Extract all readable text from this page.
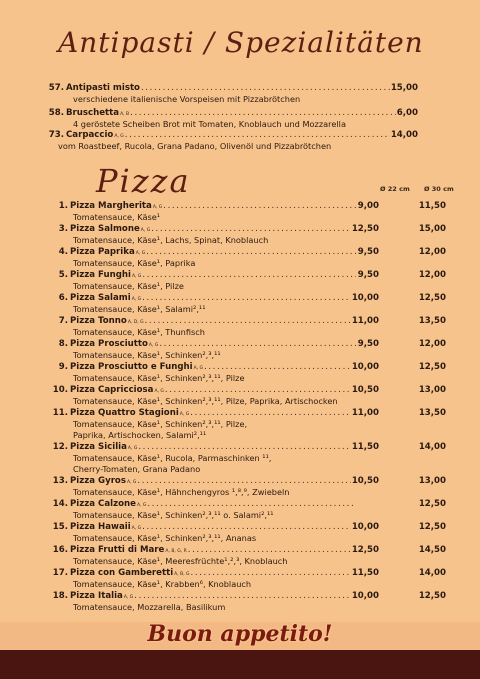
Antipasti / Spezialitäten
57. Antipasti misto .....	15,00
verschiedene italienische Vorspeisen mit Pizzabrötchen
58. Bruschetta A, B .....	6,00
4 geröstete Scheiben Brot mit Tomaten, Knoblauch und Mozzarella
73. Carpaccio A, G .....	14,00
vom Roastbeef, Rucola, Grana Padano, Olivenöl und Pizzabrötchen
Pizza	Ø 22 cm Ø 30 cm
1. Pizza Margherita A, G .....	9,00	11,50
Tomatensauce, Käse¹
3. Pizza Salmone A, G .....	12,50	15,00
Tomatensauce, Käse¹, Lachs, Spinat, Knoblauch
4. Pizza Paprika A, G .....	9,50	12,00
Tomatensauce, Käse¹, Paprika
5. Pizza Funghi A, G .....	9,50	12,00
Tomatensauce, Käse¹, Pilze
6. Pizza Salami A, G .....	10,00	12,50
Tomatensauce, Käse¹, Salami²,¹¹
7. Pizza Tonno A, D, G .....	11,00	13,50
Tomatensauce, Käse¹, Thunfisch
8. Pizza Prosciutto A, G .....	9,50	12,00
Tomatensauce, Käse¹, Schinken²,³,¹¹
9. Pizza Prosciutto e Funghi A, G .....	10,00	12,50
Tomatensauce, Käse¹, Schinken²,³,¹¹, Pilze
10. Pizza Capricciosa A, G .....	10,50	13,00
Tomatensauce, Käse¹, Schinken²,³,¹¹, Pilze, Paprika, Artischocken
11. Pizza Quattro Stagioni A, G .....	11,00	13,50
Tomatensauce, Käse¹, Schinken²,³,¹¹, Pilze,
Paprika, Artischocken, Salami²,¹¹
12. Pizza Sicilia A, G .....	11,50	14,00
Tomatensauce, Käse¹, Rucola, Parmaschinken ¹¹,
Cherry-Tomaten, Grana Padano
13. Pizza Gyros A, G .....	10,50	13,00
Tomatensauce, Käse¹, Hähnchengyros ¹,⁸,⁹, Zwiebeln
14. Pizza Calzone A, G .....	12,50
Tomatensauce, Käse¹, Schinken²,³,¹¹ o. Salami²,¹¹
15. Pizza Hawaii A, G .....	10,00	12,50
Tomatensauce, Käse¹, Schinken²,³,¹¹, Ananas
16. Pizza Frutti di Mare A, B, G, R .....	12,50	14,50
Tomatensauce, Käse¹, Meeresfrüchte¹,²,³, Knoblauch
17. Pizza con Gamberetti A, B, G .....	11,50	14,00
Tomatensauce, Käse¹, Krabben⁶, Knoblauch
18. Pizza Italia A, G .....	10,00	12,50
Tomatensauce, Mozzarella, Basilikum
Buon appetito!
